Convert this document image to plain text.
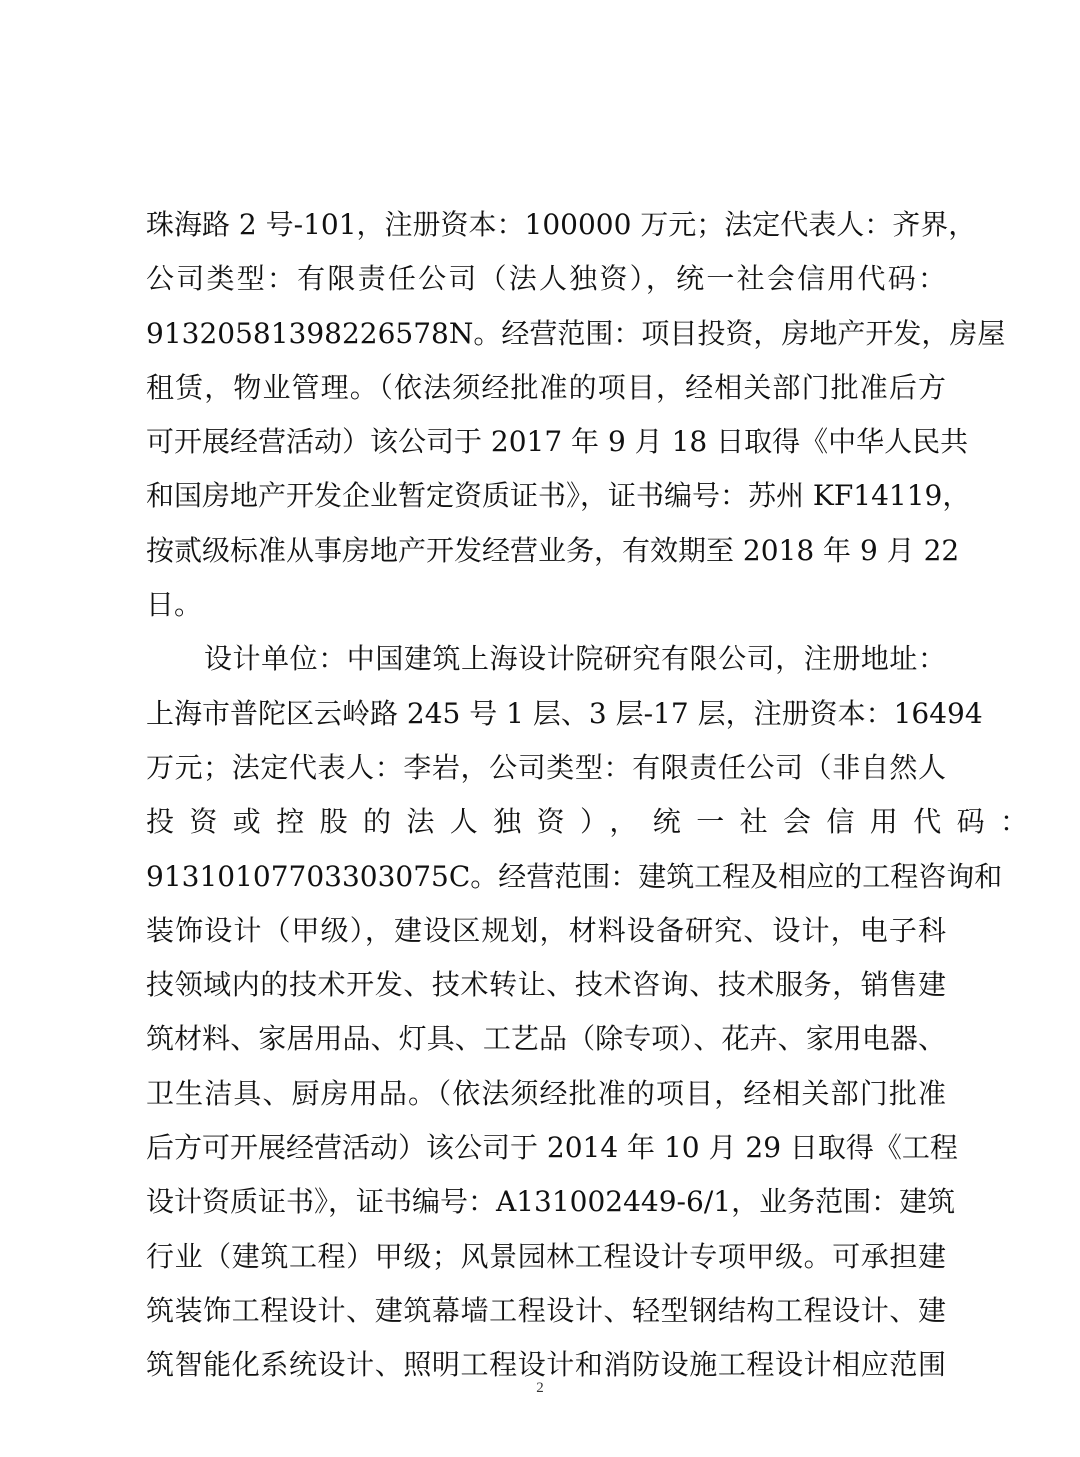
珠海路 2 号-101，注册资本：100000 万元；法定代表人：齐界，
公司类型：有限责任公司（法人独资），统一社会信用代码：
91320581398226578N。经营范围：项目投资，房地产开发，房屋
租赁，物业管理。（依法须经批准的项目，经相关部门批准后方
可开展经营活动）该公司于 2017 年 9 月 18 日取得《中华人民共
和国房地产开发企业暂定资质证书》，证书编号：苏州 KF14119，
按贰级标准从事房地产开发经营业务，有效期至 2018 年 9 月 22
日。
设计单位：中国建筑上海设计院研究有限公司，注册地址：
上海市普陀区云岭路 245 号 1 层、3 层-17 层，注册资本：16494
万元；法定代表人：李岩，公司类型：有限责任公司（非自然人
投资或控股的法人独资），统一社会信用代码：
91310107703303075C。经营范围：建筑工程及相应的工程咨询和
装饰设计（甲级），建设区规划，材料设备研究、设计，电子科
技领域内的技术开发、技术转让、技术咨询、技术服务，销售建
筑材料、家居用品、灯具、工艺品（除专项）、花卉、家用电器、
卫生洁具、厨房用品。（依法须经批准的项目，经相关部门批准
后方可开展经营活动）该公司于 2014 年 10 月 29 日取得《工程
设计资质证书》，证书编号：A131002449-6/1，业务范围：建筑
行业（建筑工程）甲级；风景园林工程设计专项甲级。可承担建
筑装饰工程设计、建筑幕墙工程设计、轻型钢结构工程设计、建
筑智能化系统设计、照明工程设计和消防设施工程设计相应范围
2
